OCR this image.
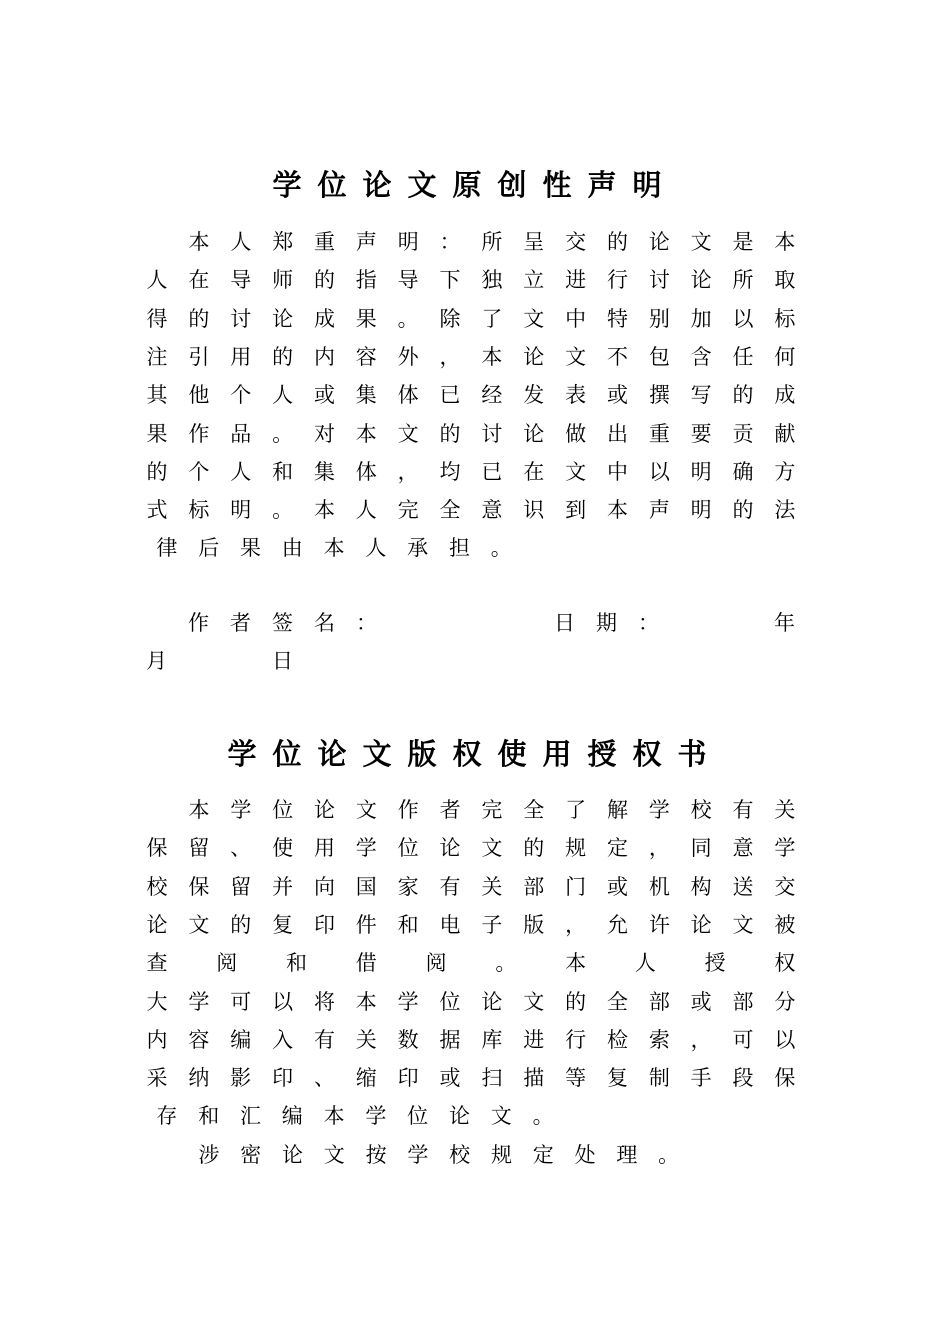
学位论文原创性声明
本 人 郑 重 声 明 ： 所 呈 交 的 论 文 是 本
人 在 导 师 的 指 导 下 独 立 进 行 讨 论 所 取
得 的 讨 论 成 果 。 除 了 文 中 特 别 加 以 标
注 引 用 的 内 容 外 ， 本 论 文 不 包 含 任 何
其 他 个 人 或 集 体 已 经 发 表 或 撰 写 的 成
果 作 品 。 对 本 文 的 讨 论 做 出 重 要 贡 献
的 个 人 和 集 体 ， 均 已 在 文 中 以 明 确 方
式 标 明 。 本 人 完 全 意 识 到 本 声 明 的 法
律 后 果 由 本 人 承 担 。
作者签名：	日期：	年
月	日
学位论文版权使用授权书
本 学 位 论 文 作 者 完 全 了 解 学 校 有 关
保 留 、 使 用 学 位 论 文 的 规 定 ， 同 意 学
校 保 留 并 向 国 家 有 关 部 门 或 机 构 送 交
论 文 的 复 印 件 和 电 子 版 ， 允 许 论 文 被
查 阅 和 借 阅 。 本 人 授 权
大 学 可 以 将 本 学 位 论 文 的 全 部 或 部 分
内 容 编 入 有 关 数 据 库 进 行 检 索 ， 可 以
采 纳 影 印 、 缩 印 或 扫 描 等 复 制 手 段 保
存 和 汇 编 本 学 位 论 文 。
涉 密 论 文 按 学 校 规 定 处 理 。
